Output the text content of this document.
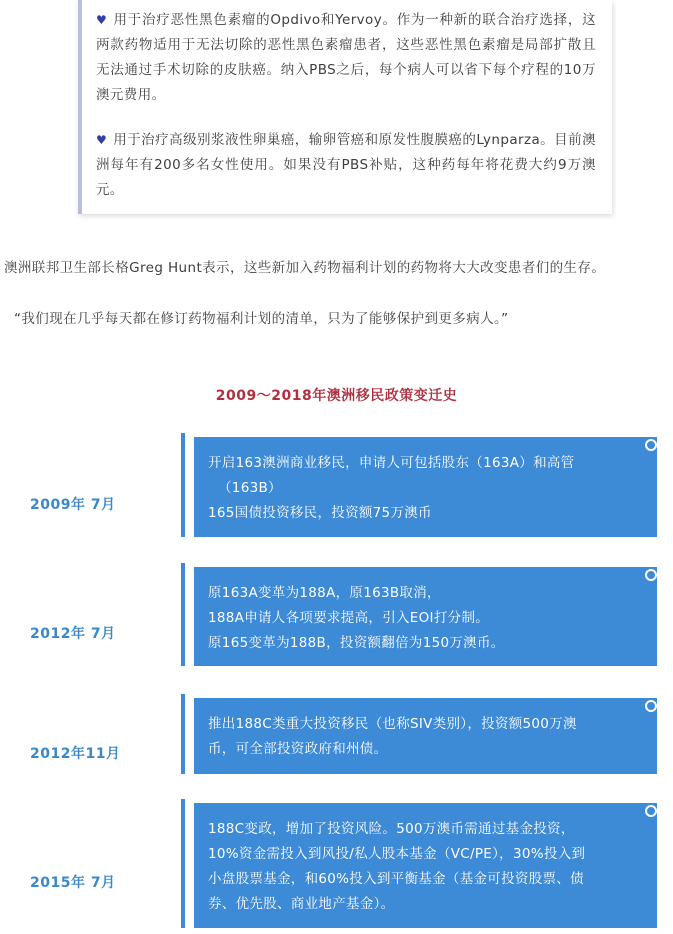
♥ 用于治疗恶性黑色素瘤的Opdivo和Yervoy。作为一种新的联合治疗选择，这两款药物适用于无法切除的恶性黑色素瘤患者，这些恶性黑色素瘤是局部扩散且无法通过手术切除的皮肤癌。纳入PBS之后，每个病人可以省下每个疗程的10万澳元费用。

♥ 用于治疗高级别浆液性卵巢癌，输卵管癌和原发性腹膜癌的Lynparza。目前澳洲每年有200多名女性使用。如果没有PBS补贴，这种药每年将花费大约9万澳元。

澳洲联邦卫生部长格Greg Hunt表示，这些新加入药物福利计划的药物将大大改变患者们的生存。
“我们现在几乎每天都在修订药物福利计划的清单，只为了能够保护到更多病人。”
2009～2018年澳洲移民政策变迁史
2009年 7月
开启163澳洲商业移民，申请人可包括股东（163A）和高管
（163B）
165国债投资移民，投资额75万澳币
2012年 7月
原163A变革为188A，原163B取消，
188A申请人各项要求提高，引入EOI打分制。
原165变革为188B，投资额翻倍为150万澳币。
2012年11月
推出188C类重大投资移民（也称SIV类别），投资额500万澳
币，可全部投资政府和州债。
2015年 7月
188C变政，增加了投资风险。500万澳币需通过基金投资，
10%资金需投入到风投/私人股本基金（VC/PE），30%投入到
小盘股票基金，和60%投入到平衡基金（基金可投资股票、债
券、优先股、商业地产基金）。
